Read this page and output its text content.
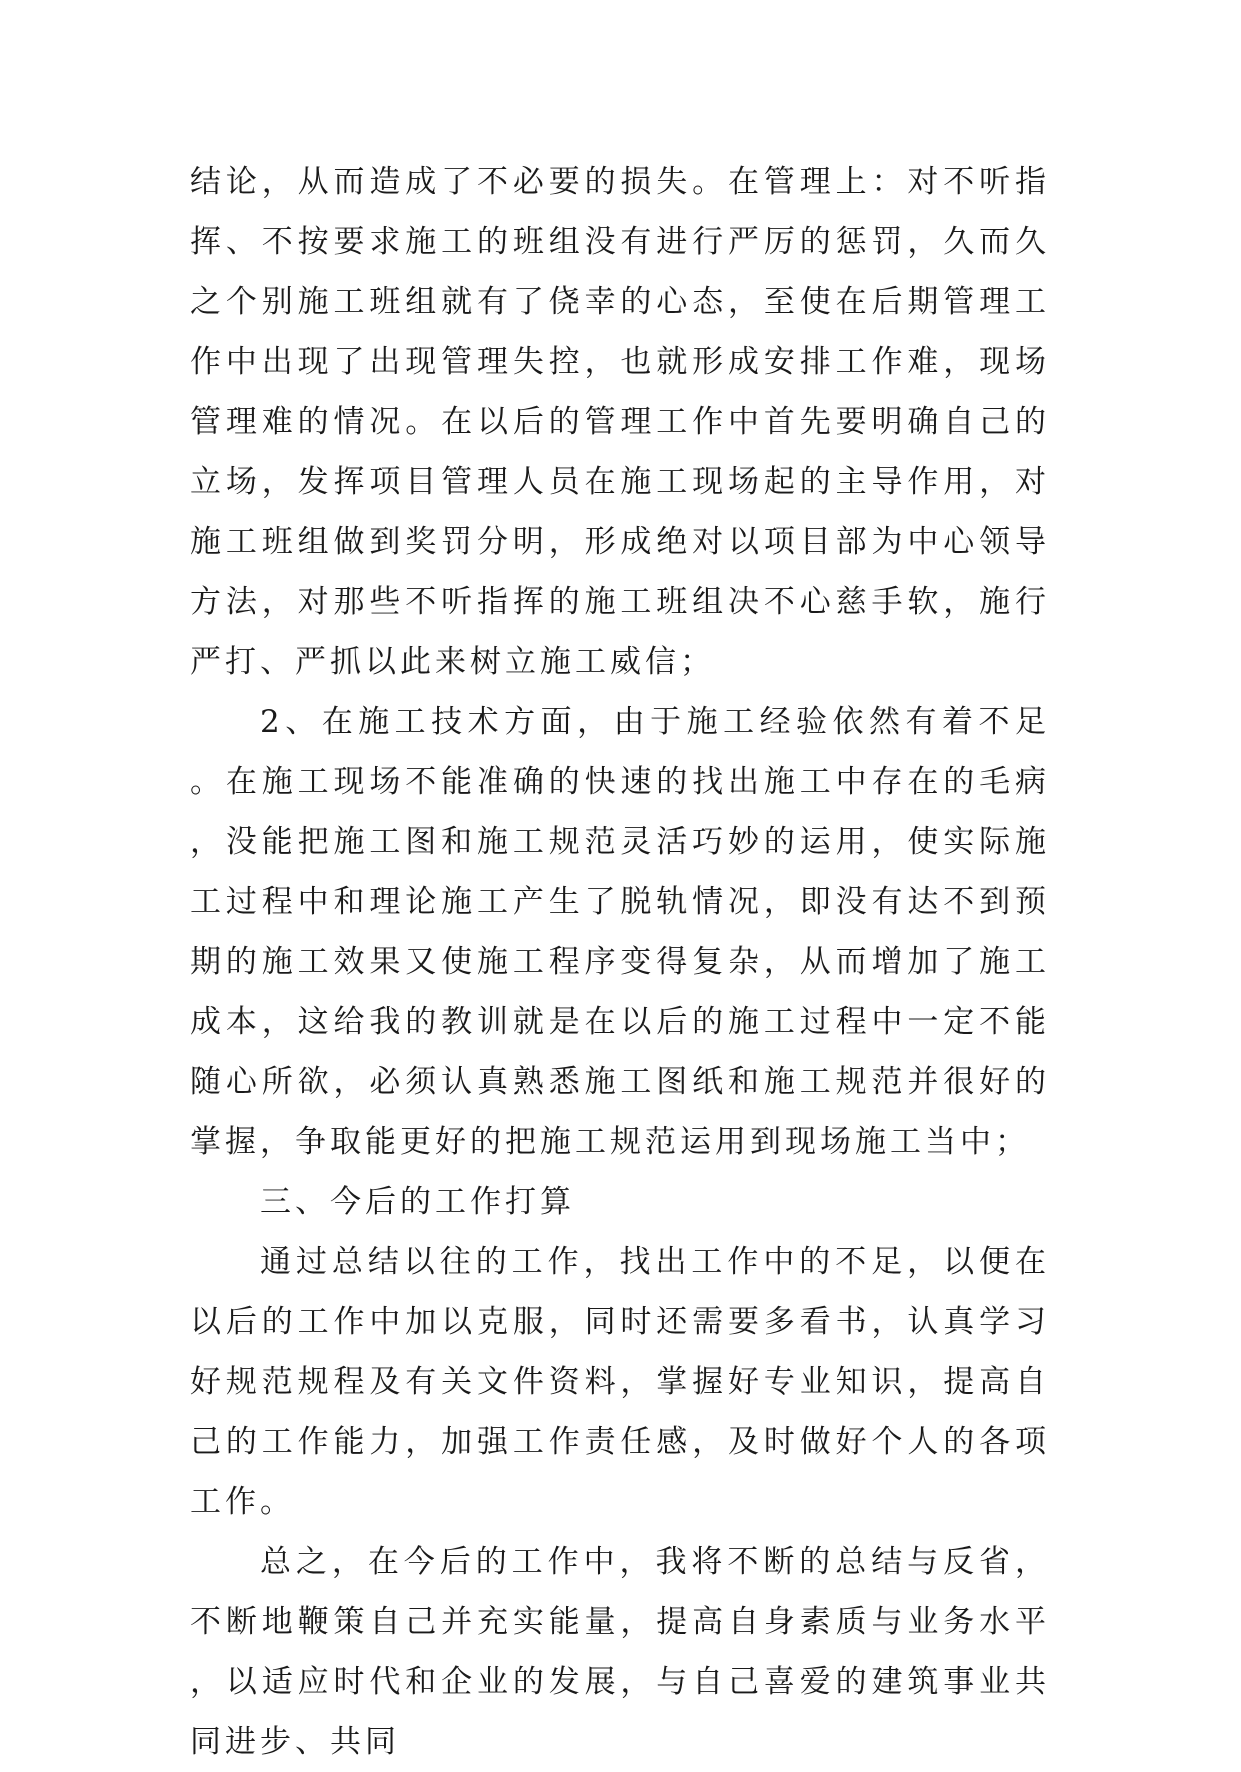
结论，从而造成了不必要的损失。在管理上：对不听指挥、不按要求施工的班组没有进行严厉的惩罚，久而久之个别施工班组就有了侥幸的心态，至使在后期管理工作中出现了出现管理失控，也就形成安排工作难，现场管理难的情况。在以后的管理工作中首先要明确自己的立场，发挥项目管理人员在施工现场起的主导作用，对施工班组做到奖罚分明，形成绝对以项目部为中心领导方法，对那些不听指挥的施工班组决不心慈手软，施行严打、严抓以此来树立施工威信；

2、在施工技术方面，由于施工经验依然有着不足。在施工现场不能准确的快速的找出施工中存在的毛病，没能把施工图和施工规范灵活巧妙的运用，使实际施工过程中和理论施工产生了脱轨情况，即没有达不到预期的施工效果又使施工程序变得复杂，从而增加了施工成本，这给我的教训就是在以后的施工过程中一定不能随心所欲，必须认真熟悉施工图纸和施工规范并很好的掌握，争取能更好的把施工规范运用到现场施工当中；

三、今后的工作打算

通过总结以往的工作，找出工作中的不足，以便在以后的工作中加以克服，同时还需要多看书，认真学习好规范规程及有关文件资料，掌握好专业知识，提高自己的工作能力，加强工作责任感，及时做好个人的各项工作。

总之，在今后的工作中，我将不断的总结与反省，不断地鞭策自己并充实能量，提高自身素质与业务水平，以适应时代和企业的发展，与自己喜爱的建筑事业共同进步、共同
